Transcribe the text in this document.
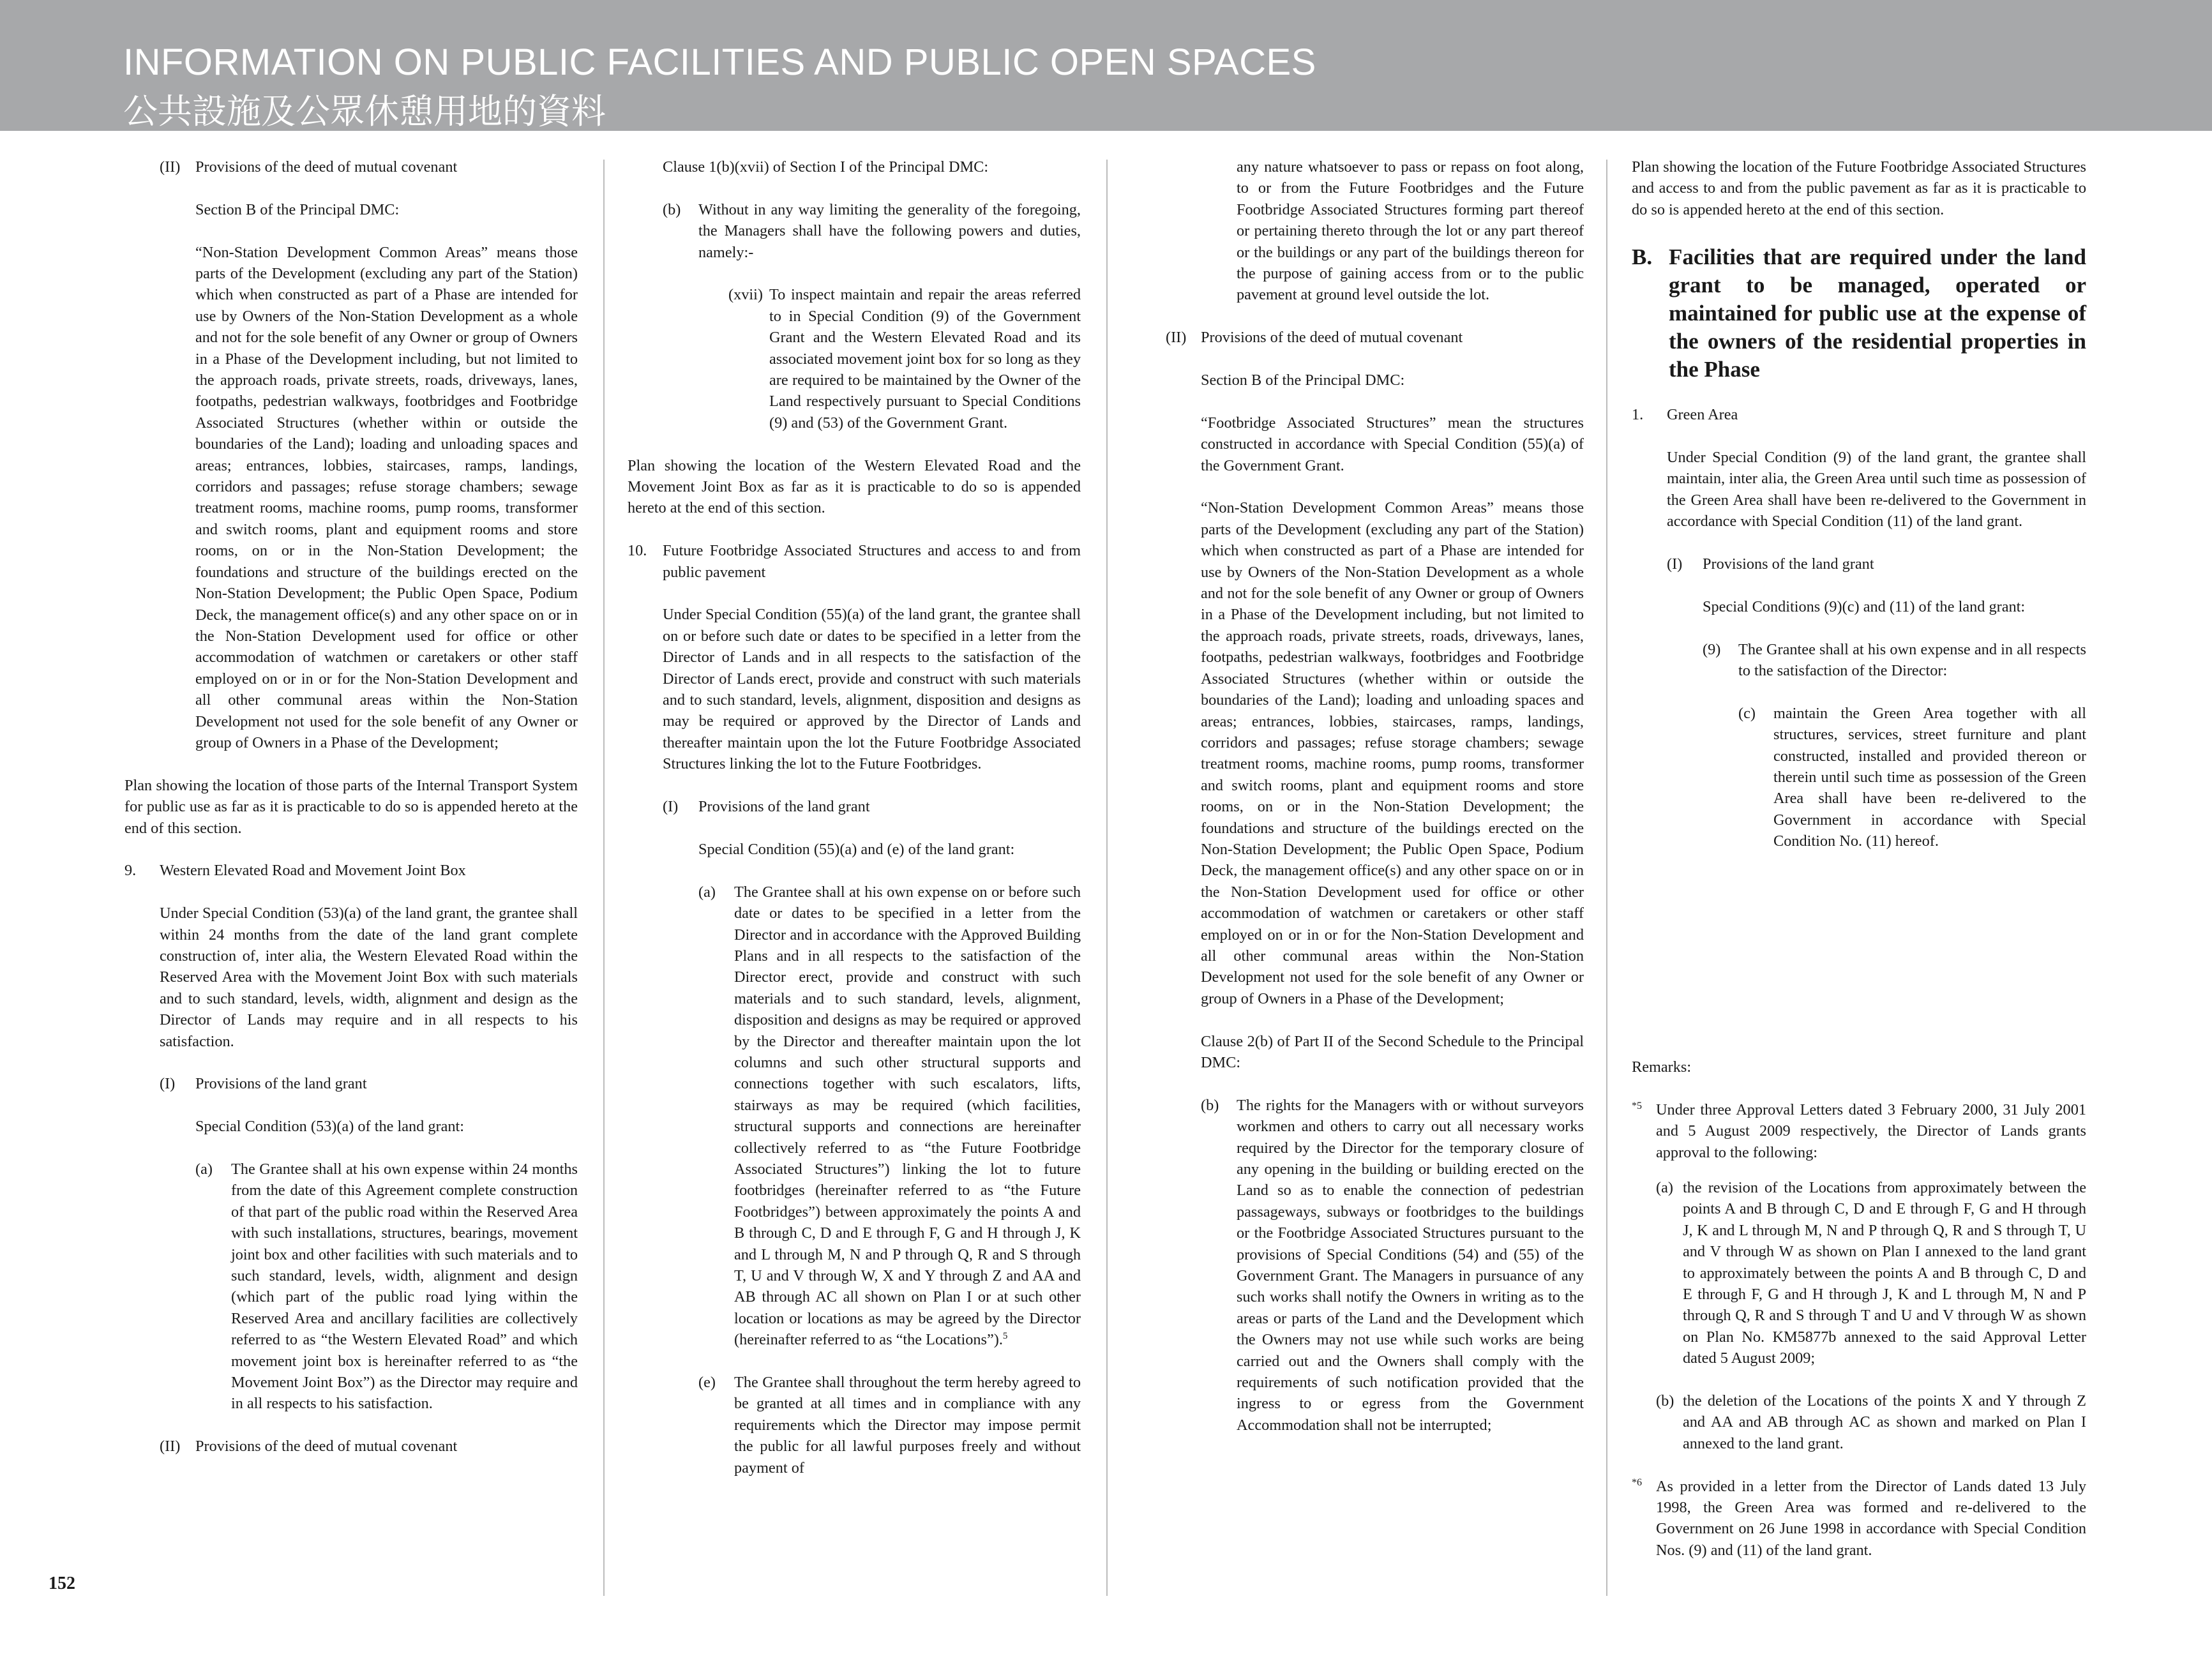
INFORMATION ON PUBLIC FACILITIES AND PUBLIC OPEN SPACES
公共設施及公眾休憩用地的資料

(II) Provisions of the deed of mutual covenant

Section B of the Principal DMC:

“Non-Station Development Common Areas” means those parts of the Development (excluding any part of the Station) which when constructed as part of a Phase are intended for use by Owners of the Non-Station Development as a whole and not for the sole benefit of any Owner or group of Owners in a Phase of the Development including, but not limited to the approach roads, private streets, roads, driveways, lanes, footpaths, pedestrian walkways, footbridges and Footbridge Associated Structures (whether within or outside the boundaries of the Land); loading and unloading spaces and areas; entrances, lobbies, staircases, ramps, landings, corridors and passages; refuse storage chambers; sewage treatment rooms, machine rooms, pump rooms, transformer and switch rooms, plant and equipment rooms and store rooms, on or in the Non-Station Development; the foundations and structure of the buildings erected on the Non-Station Development; the Public Open Space, Podium Deck, the management office(s) and any other space on or in the Non-Station Development used for office or other accommodation of watchmen or caretakers or other staff employed on or in or for the Non-Station Development and all other communal areas within the Non-Station Development not used for the sole benefit of any Owner or group of Owners in a Phase of the Development;

Plan showing the location of those parts of the Internal Transport System for public use as far as it is practicable to do so is appended hereto at the end of this section.

9. Western Elevated Road and Movement Joint Box

Under Special Condition (53)(a) of the land grant, the grantee shall within 24 months from the date of the land grant complete construction of, inter alia, the Western Elevated Road within the Reserved Area with the Movement Joint Box with such materials and to such standard, levels, width, alignment and design as the Director of Lands may require and in all respects to his satisfaction.

(I) Provisions of the land grant

Special Condition (53)(a) of the land grant:

(a) The Grantee shall at his own expense within 24 months from the date of this Agreement complete construction of that part of the public road within the Reserved Area with such installations, structures, bearings, movement joint box and other facilities with such materials and to such standard, levels, width, alignment and design (which part of the public road lying within the Reserved Area and ancillary facilities are collectively referred to as “the Western Elevated Road” and which movement joint box is hereinafter referred to as “the Movement Joint Box”) as the Director may require and in all respects to his satisfaction.

(II) Provisions of the deed of mutual covenant

Clause 1(b)(xvii) of Section I of the Principal DMC:

(b) Without in any way limiting the generality of the foregoing, the Managers shall have the following powers and duties, namely:-

(xvii) To inspect maintain and repair the areas referred to in Special Condition (9) of the Government Grant and the Western Elevated Road and its associated movement joint box for so long as they are required to be maintained by the Owner of the Land respectively pursuant to Special Conditions (9) and (53) of the Government Grant.

Plan showing the location of the Western Elevated Road and the Movement Joint Box as far as it is practicable to do so is appended hereto at the end of this section.

10. Future Footbridge Associated Structures and access to and from public pavement

Under Special Condition (55)(a) of the land grant, the grantee shall on or before such date or dates to be specified in a letter from the Director of Lands and in all respects to the satisfaction of the Director of Lands erect, provide and construct with such materials and to such standard, levels, alignment, disposition and designs as may be required or approved by the Director of Lands and thereafter maintain upon the lot the Future Footbridge Associated Structures linking the lot to the Future Footbridges.

(I) Provisions of the land grant

Special Condition (55)(a) and (e) of the land grant:

(a) The Grantee shall at his own expense on or before such date or dates to be specified in a letter from the Director and in accordance with the Approved Building Plans and in all respects to the satisfaction of the Director erect, provide and construct with such materials and to such standard, levels, alignment, disposition and designs as may be required or approved by the Director and thereafter maintain upon the lot columns and such other structural supports and connections together with such escalators, lifts, stairways as may be required (which facilities, structural supports and connections are hereinafter collectively referred to as “the Future Footbridge Associated Structures”) linking the lot to future footbridges (hereinafter referred to as “the Future Footbridges”) between approximately the points A and B through C, D and E through F, G and H through J, K and L through M, N and P through Q, R and S through T, U and V through W, X and Y through Z and AA and AB through AC all shown on Plan I or at such other location or locations as may be agreed by the Director (hereinafter referred to as “the Locations”).$^5$

(e) The Grantee shall throughout the term hereby agreed to be granted at all times and in compliance with any requirements which the Director may impose permit the public for all lawful purposes freely and without payment of

any nature whatsoever to pass or repass on foot along, to or from the Future Footbridges and the Future Footbridge Associated Structures forming part thereof or pertaining thereto through the lot or any part thereof or the buildings or any part of the buildings thereon for the purpose of gaining access from or to the public pavement at ground level outside the lot.

(II) Provisions of the deed of mutual covenant

Section B of the Principal DMC:

“Footbridge Associated Structures” mean the structures constructed in accordance with Special Condition (55)(a) of the Government Grant.

“Non-Station Development Common Areas” means those parts of the Development (excluding any part of the Station) which when constructed as part of a Phase are intended for use by Owners of the Non-Station Development as a whole and not for the sole benefit of any Owner or group of Owners in a Phase of the Development including, but not limited to the approach roads, private streets, roads, driveways, lanes, footpaths, pedestrian walkways, footbridges and Footbridge Associated Structures (whether within or outside the boundaries of the Land); loading and unloading spaces and areas; entrances, lobbies, staircases, ramps, landings, corridors and passages; refuse storage chambers; sewage treatment rooms, machine rooms, pump rooms, transformer and switch rooms, plant and equipment rooms and store rooms, on or in the Non-Station Development; the foundations and structure of the buildings erected on the Non-Station Development; the Public Open Space, Podium Deck, the management office(s) and any other space on or in the Non-Station Development used for office or other accommodation of watchmen or caretakers or other staff employed on or in or for the Non-Station Development and all other communal areas within the Non-Station Development not used for the sole benefit of any Owner or group of Owners in a Phase of the Development;

Clause 2(b) of Part II of the Second Schedule to the Principal DMC:

(b) The rights for the Managers with or without surveyors workmen and others to carry out all necessary works required by the Director for the temporary closure of any opening in the building or building erected on the Land so as to enable the connection of pedestrian passageways, subways or footbridges to the buildings or the Footbridge Associated Structures pursuant to the provisions of Special Conditions (54) and (55) of the Government Grant. The Managers in pursuance of any such works shall notify the Owners in writing as to the areas or parts of the Land and the Development which the Owners may not use while such works are being carried out and the Owners shall comply with the requirements of such notification provided that the ingress to or egress from the Government Accommodation shall not be interrupted;

Plan showing the location of the Future Footbridge Associated Structures and access to and from the public pavement as far as it is practicable to do so is appended hereto at the end of this section.

B. Facilities that are required under the land grant to be managed, operated or maintained for public use at the expense of the owners of the residential properties in the Phase

1. Green Area

Under Special Condition (9) of the land grant, the grantee shall maintain, inter alia, the Green Area until such time as possession of the Green Area shall have been re-delivered to the Government in accordance with Special Condition (11) of the land grant.

(I) Provisions of the land grant

Special Conditions (9)(c) and (11) of the land grant:

(9) The Grantee shall at his own expense and in all respects to the satisfaction of the Director:

(c) maintain the Green Area together with all structures, services, street furniture and plant constructed, installed and provided thereon or therein until such time as possession of the Green Area shall have been re-delivered to the Government in accordance with Special Condition No. (11) hereof.

Remarks:

*5 Under three Approval Letters dated 3 February 2000, 31 July 2001 and 5 August 2009 respectively, the Director of Lands grants approval to the following:

(a) the revision of the Locations from approximately between the points A and B through C, D and E through F, G and H through J, K and L through M, N and P through Q, R and S through T, U and V through W as shown on Plan I annexed to the land grant to approximately between the points A and B through C, D and E through F, G and H through J, K and L through M, N and P through Q, R and S through T and U and V through W as shown on Plan No. KM5877b annexed to the said Approval Letter dated 5 August 2009;

(b) the deletion of the Locations of the points X and Y through Z and AA and AB through AC as shown and marked on Plan I annexed to the land grant.

*6 As provided in a letter from the Director of Lands dated 13 July 1998, the Green Area was formed and re-delivered to the Government on 26 June 1998 in accordance with Special Condition Nos. (9) and (11) of the land grant.

152
